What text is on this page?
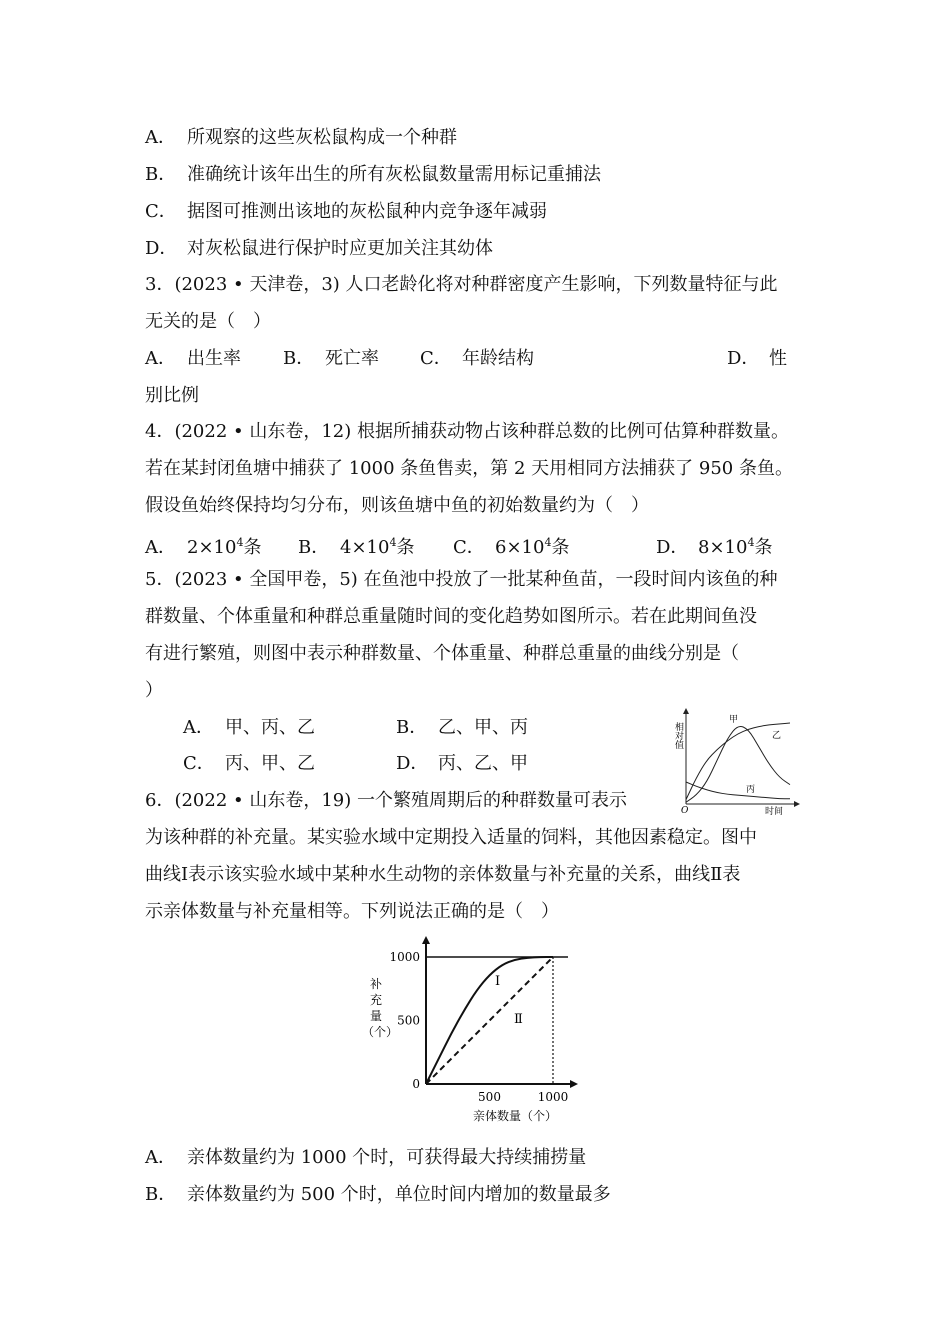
A． 所观察的这些灰松鼠构成一个种群
B． 准确统计该年出生的所有灰松鼠数量需用标记重捕法
C． 据图可推测出该地的灰松鼠种内竞争逐年减弱
D． 对灰松鼠进行保护时应更加关注其幼体
3．(2023 • 天津卷，3) 人口老龄化将对种群密度产生影响，下列数量特征与此
无关的是（　）
A． 出生率 B． 死亡率 C． 年龄结构	D． 性
别比例
4．(2022 • 山东卷，12) 根据所捕获动物占该种群总数的比例可估算种群数量。
若在某封闭鱼塘中捕获了 1000 条鱼售卖，第 2 天用相同方法捕获了 950 条鱼。
假设鱼始终保持均匀分布，则该鱼塘中鱼的初始数量约为（　）
A． $2\times 10^4$条 B． $4\times 10^4$条 C． $6\times 10^4$条	D． $8\times 10^4$条
5．(2023 • 全国甲卷，5) 在鱼池中投放了一批某种鱼苗，一段时间内该鱼的种
群数量、个体重量和种群总重量随时间的变化趋势如图所示。若在此期间鱼没
有进行繁殖，则图中表示种群数量、个体重量、种群总重量的曲线分别是（
）
A． 甲、丙、乙	B． 乙、甲、丙
C． 丙、甲、乙	D． 丙、乙、甲
相对值
时间
O
甲
乙
丙
6．(2022 • 山东卷，19) 一个繁殖周期后的种群数量可表示
为该种群的补充量。某实验水域中定期投入适量的饲料，其他因素稳定。图中
曲线Ⅰ表示该实验水域中某种水生动物的亲体数量与补充量的关系，曲线Ⅱ表
示亲体数量与补充量相等。下列说法正确的是（　）
0
500
1000
500	1000
补
充
量
（个）
亲体数量（个）
Ⅰ
Ⅱ
A． 亲体数量约为 1000 个时，可获得最大持续捕捞量
B． 亲体数量约为 500 个时，单位时间内增加的数量最多
